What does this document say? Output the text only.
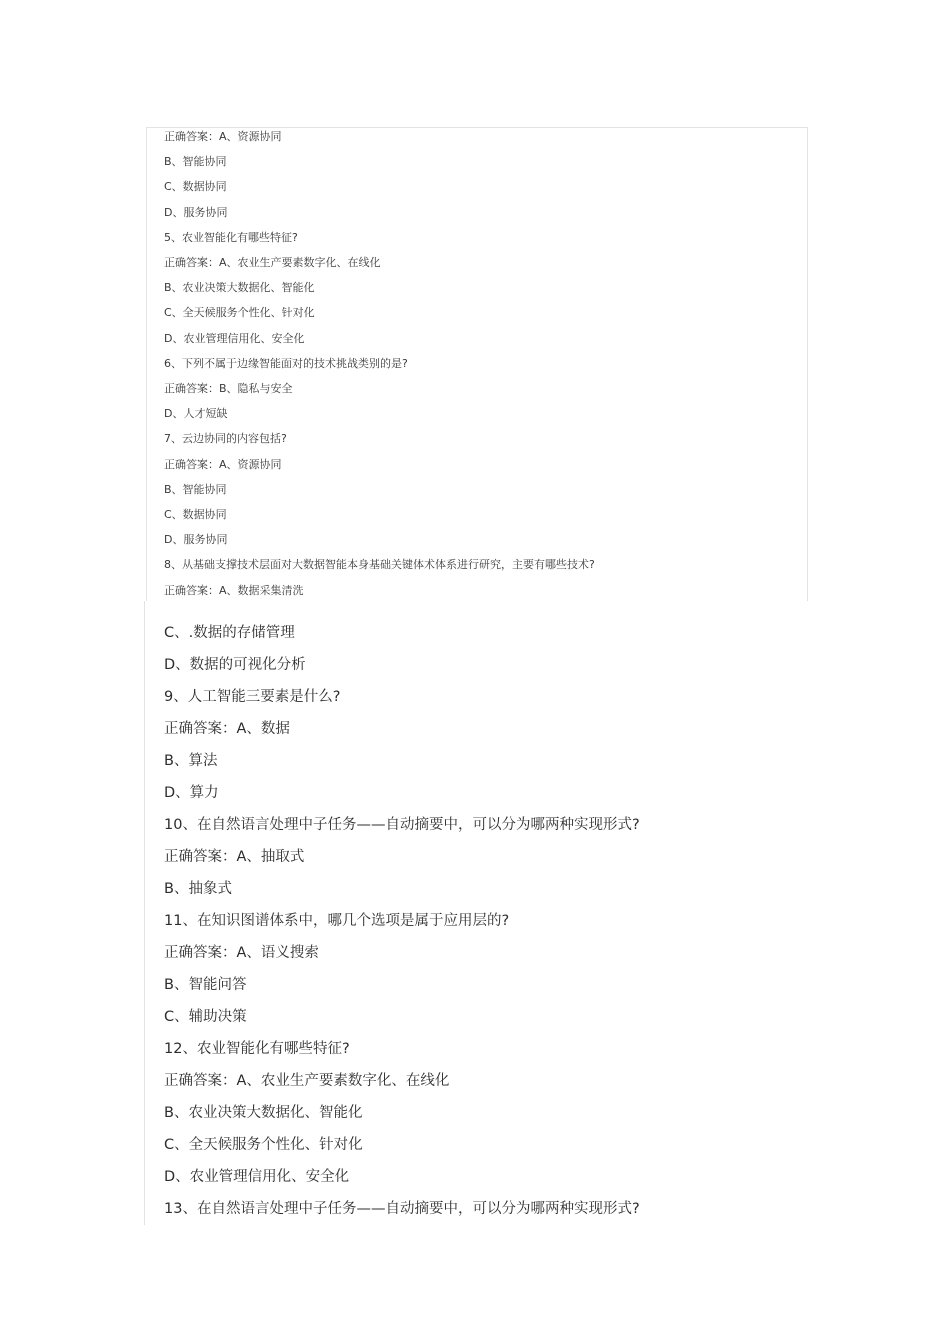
正确答案：A、资源协同
B、智能协同
C、数据协同
D、服务协同
5、农业智能化有哪些特征?
正确答案：A、农业生产要素数字化、在线化
B、农业决策大数据化、智能化
C、全天候服务个性化、针对化
D、农业管理信用化、安全化
6、下列不属于边缘智能面对的技术挑战类别的是?
正确答案：B、隐私与安全
D、人才短缺
7、云边协同的内容包括?
正确答案：A、资源协同
B、智能协同
C、数据协同
D、服务协同
8、从基础支撑技术层面对大数据智能本身基础关键体术体系进行研究，主要有哪些技术?
正确答案：A、数据采集清洗
C、.数据的存储管理
D、数据的可视化分析
9、人工智能三要素是什么?
正确答案：A、数据
B、算法
D、算力
10、在自然语言处理中子任务——自动摘要中，可以分为哪两种实现形式?
正确答案：A、抽取式
B、抽象式
11、在知识图谱体系中，哪几个选项是属于应用层的?
正确答案：A、语义搜索
B、智能问答
C、辅助决策
12、农业智能化有哪些特征?
正确答案：A、农业生产要素数字化、在线化
B、农业决策大数据化、智能化
C、全天候服务个性化、针对化
D、农业管理信用化、安全化
13、在自然语言处理中子任务——自动摘要中，可以分为哪两种实现形式?
